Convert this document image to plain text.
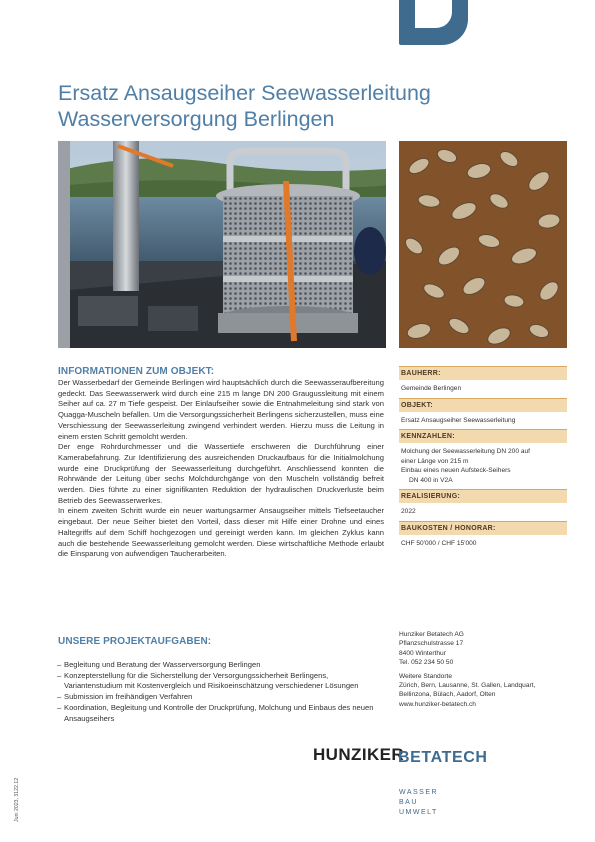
Ersatz Ansaugseiher Seewasserleitung
Wasserversorgung Berlingen
INFORMATIONEN ZUM OBJEKT:

Der Wasserbedarf der Gemeinde Berlingen wird hauptsächlich durch die Seewasseraufbereitung gedeckt. Das Seewasserwerk wird durch eine 215 m lange DN 200 Graugussleitung mit einem Seiher auf ca. 27 m Tiefe gespeist. Der Einlaufseiher sowie die Entnahmeleitung sind stark von Quagga-Muscheln befallen. Um die Versorgungssicherheit Berlingens sicherzustellen, muss eine Verschiessung der Seewasserleitung zwingend verhindert werden. Hierzu muss die Leitung in einem ersten Schritt gemolcht werden.

Der enge Rohrdurchmesser und die Wassertiefe erschweren die Durchführung einer Kamerabefahrung. Zur Identifizierung des ausreichenden Druckaufbaus für die Initialmolchung wurde eine Druckprüfung der Seewasserleitung durchgeführt. Anschliessend konnten die Rohrwände der Leitung über sechs Molchdurchgänge von den Muscheln vollständig befreit werden. Dies führte zu einer signifikanten Reduktion der hydraulischen Druckverluste beim Betrieb des Seewasserwerkes.

In einem zweiten Schritt wurde ein neuer wartungsarmer Ansaugseiher mittels Tiefseetaucher eingebaut. Der neue Seiher bietet den Vorteil, dass dieser mit Hilfe einer Drohne und eines Haltegriffs auf dem Schiff hochgezogen und gereinigt werden kann. Im gleichen Zyklus kann auch die bestehende Seewasserleitung gemolcht werden. Diese wirtschaftliche Methode erlaubt die Einsparung von aufwendigen Taucherarbeiten.

UNSERE PROJEKTAUFGABEN:
– Begleitung und Beratung der Wasserversorgung Berlingen
– Konzepterstellung für die Sicherstellung der Versorgungssicherheit Berlingens, Variantenstudium mit Kostenvergleich und Risikoeinschätzung verschiedener Lösungen
– Submission im freihändigen Verfahren
– Koordination, Begleitung und Kontrolle der Druckprüfung, Molchung und Einbaus des neuen Ansaugseihers
BAUHERR:
Gemeinde Berlingen
OBJEKT:
Ersatz Ansaugseiher Seewasserleitung
KENNZAHLEN:
Molchung der Seewasserleitung DN 200 auf
einer Länge von 215 m
Einbau eines neuen Aufsteck-Seihers
DN 400 in V2A
REALISIERUNG:
2022
BAUKOSTEN / HONORAR:
CHF 50'000 / CHF 15'000
Hunziker Betatech AG
Pflanzschulstrasse 17
8400 Winterthur
Tel. 052 234 50 50
Weitere Standorte
Zürich, Bern, Lausanne, St. Gallen, Landquart, Bellinzona, Bülach, Aadorf, Olten
www.hunziker-betatech.ch
HUNZIKER
BETATECH
WASSER
BAU
UMWELT
Juni 2023, 3122.12
